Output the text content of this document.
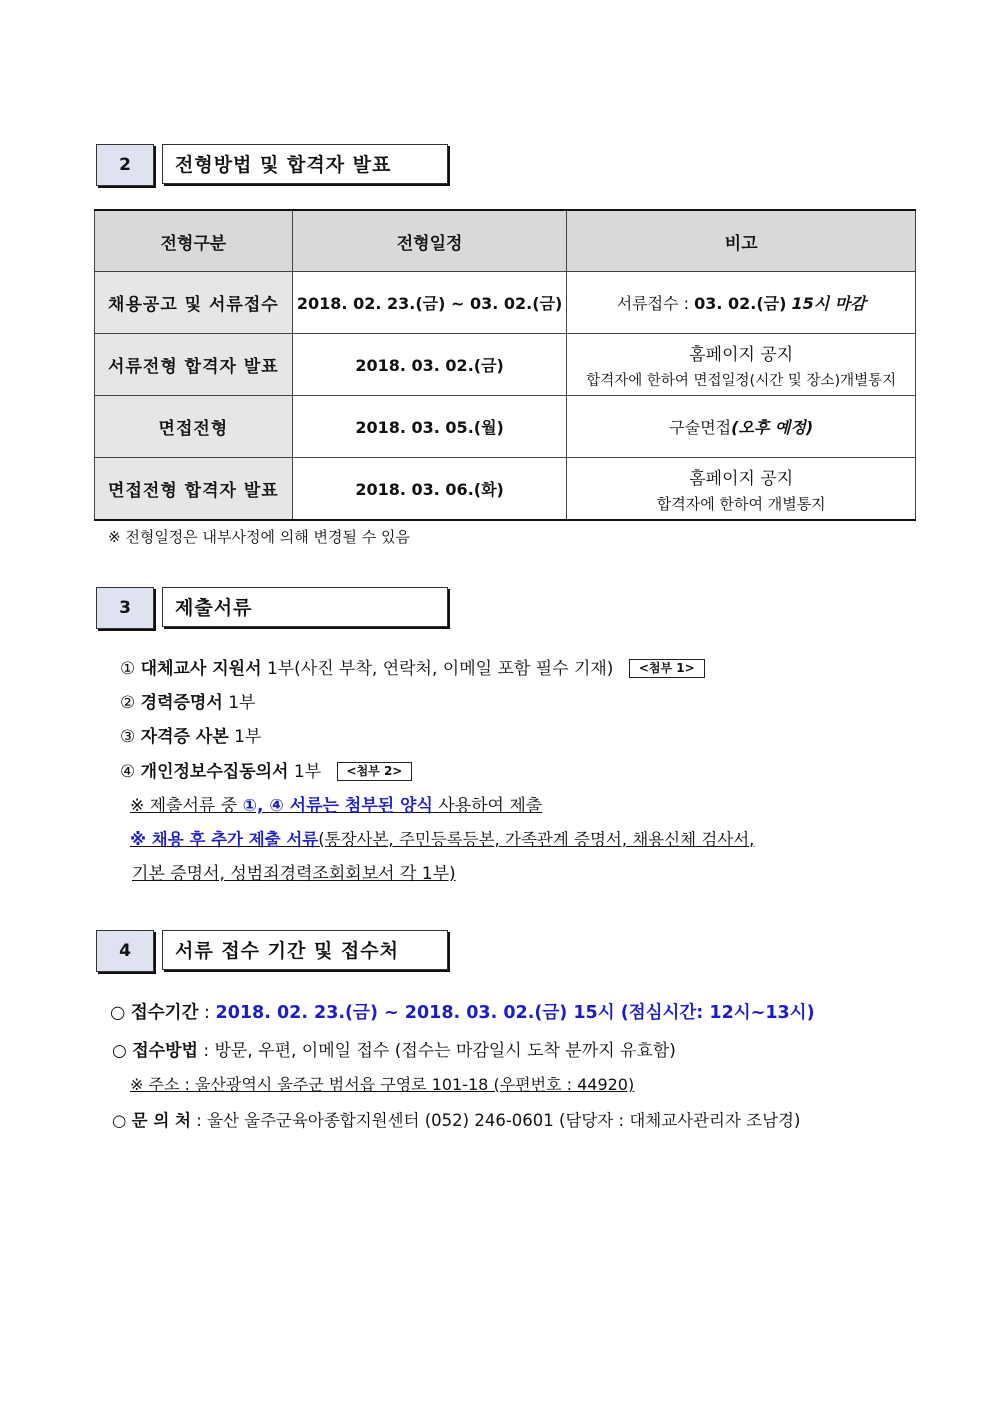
2	전형방법 및 합격자 발표
전형구분	전형일정	비고
채용공고 및 서류접수	2018. 02. 23.(금) ~ 03. 02.(금)	서류접수 : 03. 02.(금) 15시 마감
서류전형 합격자 발표	2018. 03. 02.(금)	홈페이지 공지
합격자에 한하여 면접일정(시간 및 장소)개별통지

면접전형	2018. 03. 05.(월)	구술면접(오후 예정)
면접전형 합격자 발표	2018. 03. 06.(화)	홈페이지 공지
합격자에 한하여 개별통지
※ 전형일정은 내부사정에 의해 변경될 수 있음
3	제출서류
① 대체교사 지원서 1부(사진 부착, 연락처, 이메일 포함 필수 기재) <첨부 1>
② 경력증명서 1부
③ 자격증 사본 1부
④ 개인정보수집동의서 1부 <첨부 2>
※ 제출서류 중 ①, ④ 서류는 첨부된 양식 사용하여 제출
※ 채용 후 추가 제출 서류(통장사본, 주민등록등본, 가족관계 증명서, 채용신체 검사서,
기본 증명서, 성범죄경력조회회보서 각 1부)
4	서류 접수 기간 및 접수처
○ 접수기간 : 2018. 02. 23.(금) ~ 2018. 03. 02.(금) 15시 (점심시간: 12시~13시)
○ 접수방법 : 방문, 우편, 이메일 접수 (접수는 마감일시 도착 분까지 유효함)
※ 주소 : 울산광역시 울주군 범서읍 구영로 101-18 (우편번호 : 44920)
○ 문 의 처 : 울산 울주군육아종합지원센터 (052) 246-0601 (담당자 : 대체교사관리자 조남경)
